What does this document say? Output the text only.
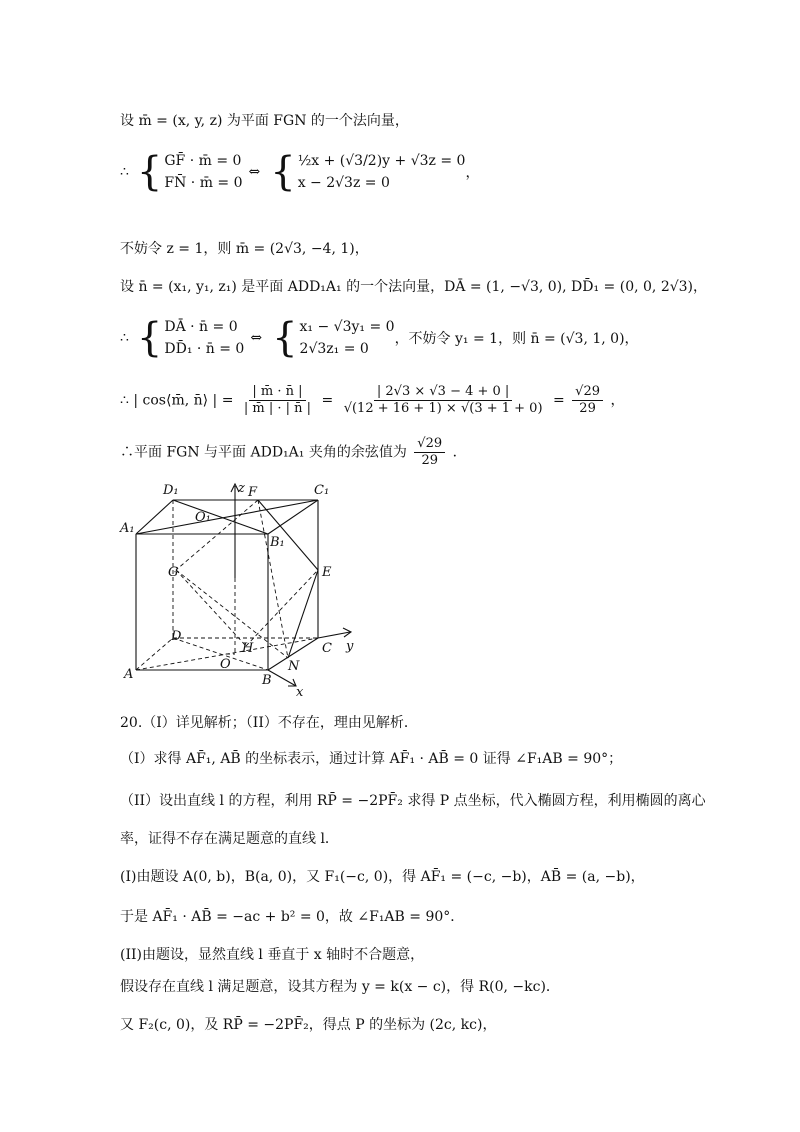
设 m̄ = (x, y, z) 为平面 FGN 的一个法向量，
∴ { GF̄ · m̄ = 0
FN̄ · m̄ = 0
⇔ { ½x + (√3/2)y + √3z = 0
x − 2√3z = 0
，
不妨令 z = 1，则 m̄ = (2√3, −4, 1)，
设 n̄ = (x₁, y₁, z₁) 是平面 ADD₁A₁ 的一个法向量，DĀ = (1, −√3, 0), DD̄₁ = (0, 0, 2√3)，
∴ { DĀ · n̄ = 0
DD̄₁ · n̄ = 0
⇔ { x₁ − √3y₁ = 0
2√3z₁ = 0
，不妨令 y₁ = 1，则 n̄ = (√3, 1, 0)，
∴ | cos⟨m̄, n̄⟩ | = $\frac{| m̄ \cdot n̄ |}{| m̄ | \cdot | n̄ |} = \frac{| 2√3 \times √3 - 4 + 0 |}{√(12 + 16 + 1) \times √(3 + 1 + 0)} = \frac{√29}{29}$ ，
∴平面 FGN 与平面 ADD₁A₁ 夹角的余弦值为 $\frac{√29}{29}$ ．
D₁	C₁
A₁
B₁
O₁
F
z
G	E
D
H	C y
O	N
A	B
x
20.（I）详见解析；（II）不存在，理由见解析．
（I）求得 AF̄₁, AB̄ 的坐标表示，通过计算 AF̄₁ · AB̄ = 0 证得 ∠F₁AB = 90°；
（II）设出直线 l 的方程，利用 RP̄ = −2PF̄₂ 求得 P 点坐标，代入椭圆方程，利用椭圆的离心
率，证得不存在满足题意的直线 l．
(I)由题设 A(0, b)，B(a, 0)，又 F₁(−c, 0)，得 AF̄₁ = (−c, −b)，AB̄ = (a, −b)，
于是 AF̄₁ · AB̄ = −ac + b² = 0，故 ∠F₁AB = 90°．
(II)由题设，显然直线 l 垂直于 x 轴时不合题意，
假设存在直线 l 满足题意，设其方程为 y = k(x − c)，得 R(0, −kc)．
又 F₂(c, 0)，及 RP̄ = −2PF̄₂，得点 P 的坐标为 (2c, kc)，
